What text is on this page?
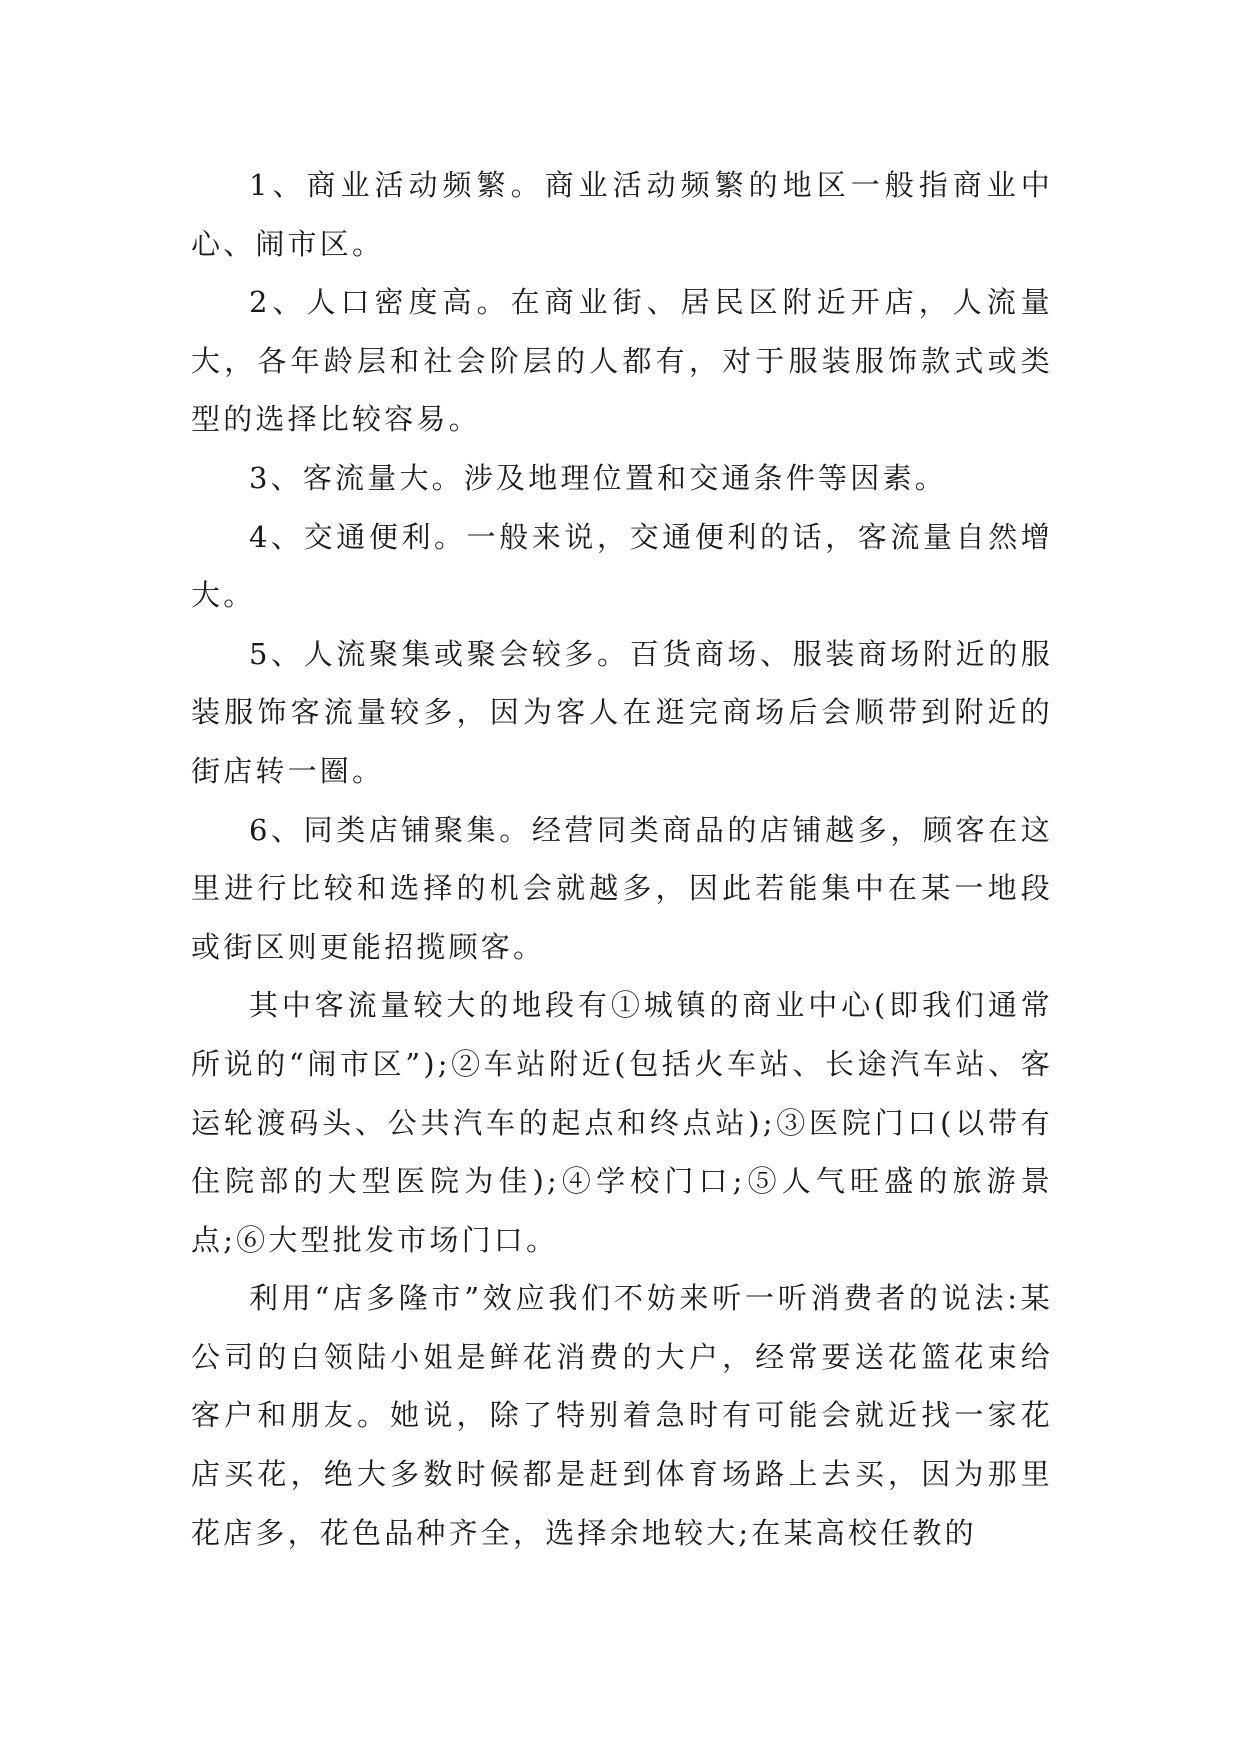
1、商业活动频繁。商业活动频繁的地区一般指商业中心、闹市区。

2、人口密度高。在商业街、居民区附近开店，人流量大，各年龄层和社会阶层的人都有，对于服装服饰款式或类型的选择比较容易。

3、客流量大。涉及地理位置和交通条件等因素。

4、交通便利。一般来说，交通便利的话，客流量自然增大。

5、人流聚集或聚会较多。百货商场、服装商场附近的服装服饰客流量较多，因为客人在逛完商场后会顺带到附近的街店转一圈。

6、同类店铺聚集。经营同类商品的店铺越多，顾客在这里进行比较和选择的机会就越多，因此若能集中在某一地段或街区则更能招揽顾客。

其中客流量较大的地段有①城镇的商业中心(即我们通常所说的“闹市区”);②车站附近(包括火车站、长途汽车站、客运轮渡码头、公共汽车的起点和终点站);③医院门口(以带有住院部的大型医院为佳);④学校门口;⑤人气旺盛的旅游景点;⑥大型批发市场门口。

利用“店多隆市”效应我们不妨来听一听消费者的说法:某公司的白领陆小姐是鲜花消费的大户，经常要送花篮花束给客户和朋友。她说，除了特别着急时有可能会就近找一家花店买花，绝大多数时候都是赶到体育场路上去买，因为那里花店多，花色品种齐全，选择余地较大;在某高校任教的
